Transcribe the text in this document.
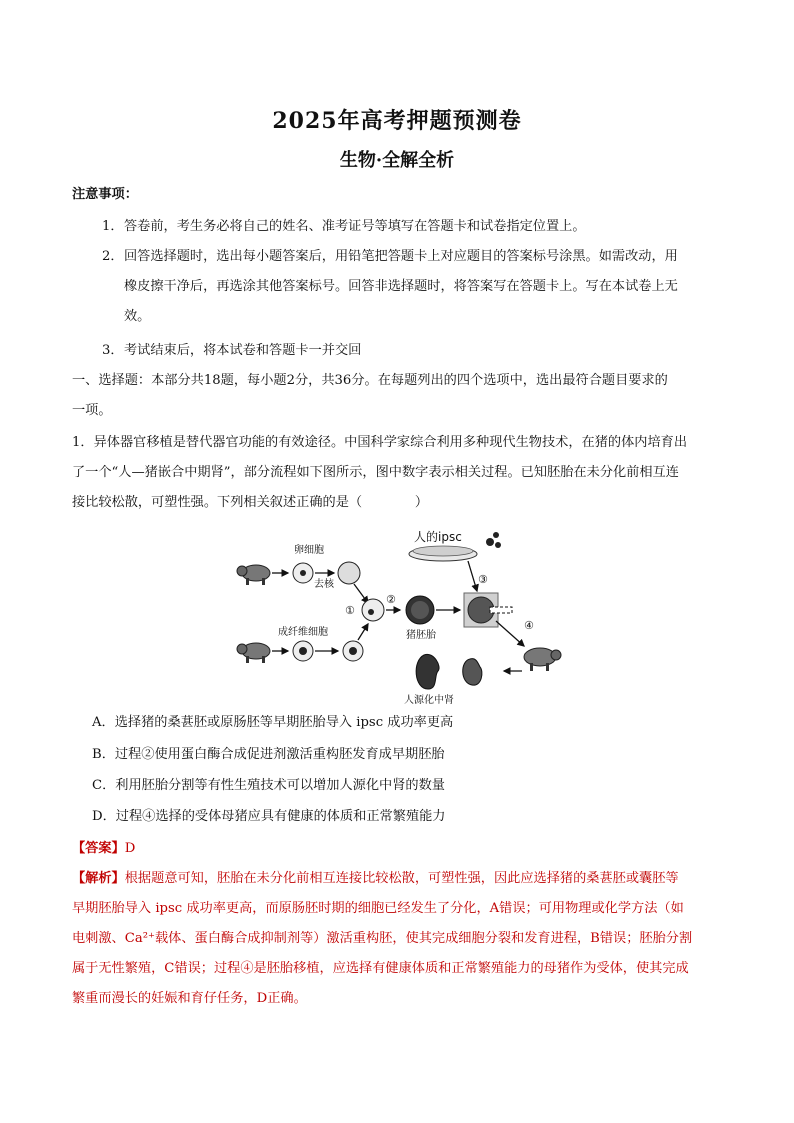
2025年高考押题预测卷
生物·全解全析
注意事项：
1．答卷前，考生务必将自己的姓名、准考证号等填写在答题卡和试卷指定位置上。
2．回答选择题时，选出每小题答案后，用铅笔把答题卡上对应题目的答案标号涂黑。如需改动，用
橡皮擦干净后，再选涂其他答案标号。回答非选择题时，将答案写在答题卡上。写在本试卷上无
效。
3．考试结束后，将本试卷和答题卡一并交回
一、选择题：本部分共18题，每小题2分，共36分。在每题列出的四个选项中，选出最符合题目要求的
一项。
1．异体器官移植是替代器官功能的有效途径。中国科学家综合利用多种现代生物技术，在猪的体内培育出
了一个“人—猪嵌合中期肾”，部分流程如下图所示，图中数字表示相关过程。已知胚胎在未分化前相互连
接比较松散，可塑性强。下列相关叙述正确的是（　　　　）
人的ipsc
卵细胞
去核
①
②
猪胚胎
③
④
人源化中肾
成纤维细胞
A．选择猪的桑葚胚或原肠胚等早期胚胎导入 ipsc 成功率更高
B．过程②使用蛋白酶合成促进剂激活重构胚发育成早期胚胎
C．利用胚胎分割等有性生殖技术可以增加人源化中肾的数量
D．过程④选择的受体母猪应具有健康的体质和正常繁殖能力
【答案】D
【解析】根据题意可知，胚胎在未分化前相互连接比较松散，可塑性强，因此应选择猪的桑葚胚或囊胚等
早期胚胎导入 ipsc 成功率更高，而原肠胚时期的细胞已经发生了分化，A错误；可用物理或化学方法（如
电刺激、Ca²⁺载体、蛋白酶合成抑制剂等）激活重构胚，使其完成细胞分裂和发育进程，B错误；胚胎分割
属于无性繁殖，C错误；过程④是胚胎移植，应选择有健康体质和正常繁殖能力的母猪作为受体，使其完成
繁重而漫长的妊娠和育仔任务，D正确。
